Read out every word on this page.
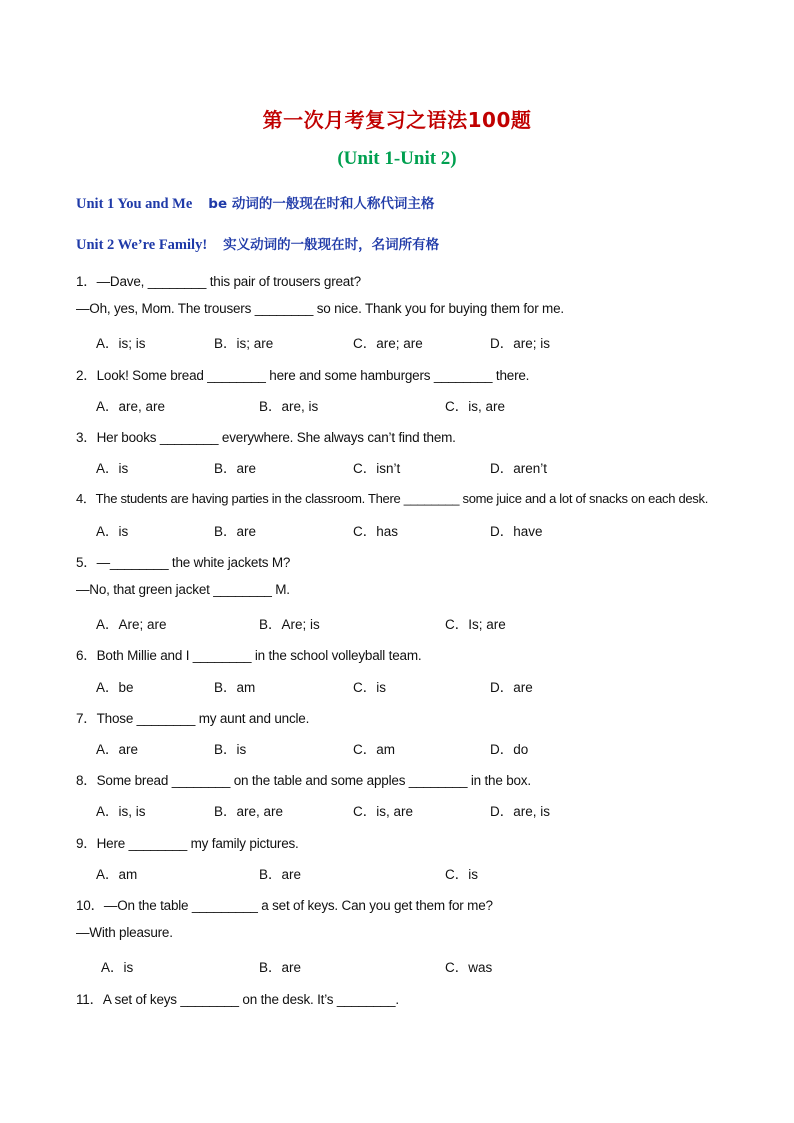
第一次月考复习之语法100题
(Unit 1-Unit 2)
Unit 1 You and Me be 动词的一般现在时和人称代词主格
Unit 2 We’re Family! 实义动词的一般现在时，名词所有格
1．—Dave, ________ this pair of trousers great?
—Oh, yes, Mom. The trousers ________ so nice. Thank you for buying them for me.
A．is; is	B．is; are	C．are; are	D．are; is
2．Look! Some bread ________ here and some hamburgers ________ there.
A．are, are	B．are, is	C．is, are
3．Her books ________ everywhere. She always can’t find them.
A．is	B．are	C．isn’t	D．aren’t
4．The students are having parties in the classroom. There ________ some juice and a lot of snacks on each desk.
A．is	B．are	C．has	D．have
5．—________ the white jackets M?
—No, that green jacket ________ M.
A．Are; are	B．Are; is	C．Is; are
6．Both Millie and I ________ in the school volleyball team.
A．be	B．am	C．is	D．are
7．Those ________ my aunt and uncle.
A．are	B．is	C．am	D．do
8．Some bread ________ on the table and some apples ________ in the box.
A．is, is	B．are, are	C．is, are	D．are, is
9．Here ________ my family pictures.
A．am	B．are	C．is
10．—On the table _________ a set of keys. Can you get them for me?
—With pleasure.
A．is	B．are	C．was
11．A set of keys ________ on the desk. It’s ________.
